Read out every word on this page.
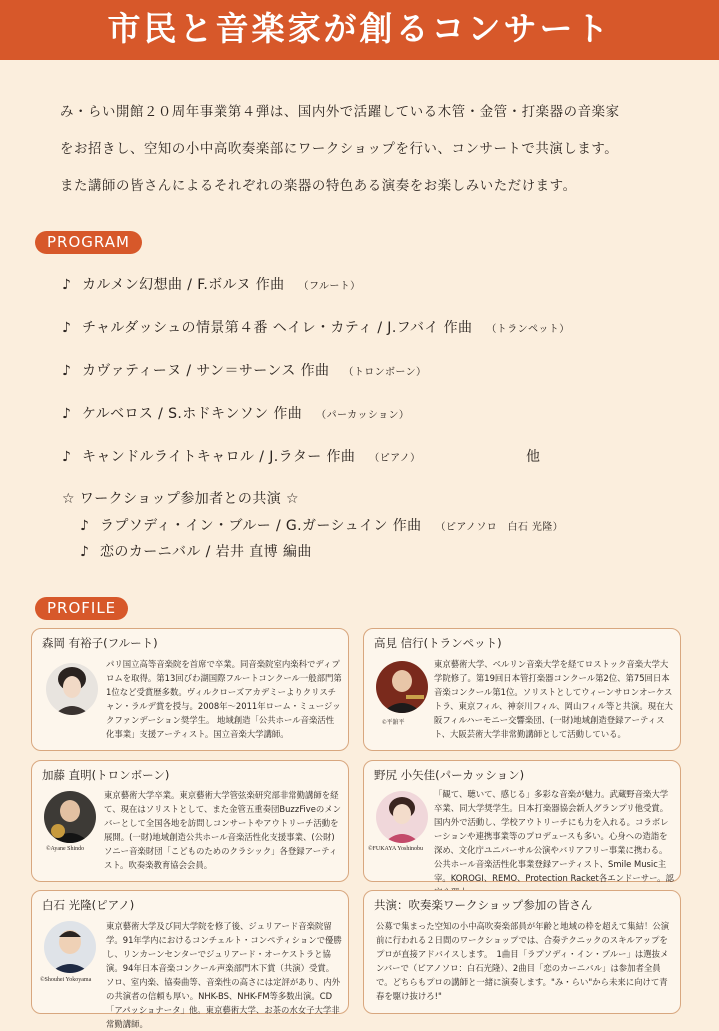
市民と音楽家が創るコンサート

み・らい開館２０周年事業第４弾は、国内外で活躍している木管・金管・打楽器の音楽家

をお招きし、空知の小中高吹奏楽部にワークショップを行い、コンサートで共演します。

また講師の皆さんによるそれぞれの楽器の特色ある演奏をお楽しみいただけます。

PROGRAM
♪ カルメン幻想曲 / F.ボルヌ 作曲 （フルート）
♪ チャルダッシュの情景第４番 ヘイレ・カティ / J.フバイ 作曲 （トランペット）
♪ カヴァティーヌ / サン＝サーンス 作曲 （トロンボーン）
♪ ケルベロス / S.ホドキンソン 作曲 （パーカッション）
♪ キャンドルライトキャロル / J.ラター 作曲 （ピアノ）	他
☆ ワークショップ参加者との共演 ☆
♪ ラプソディ・イン・ブルー / G.ガーシュイン 作曲 （ピアノソロ　白石 光隆）
♪ 恋のカーニバル / 岩井 直博 編曲
PROFILE
森岡 有裕子(フルート)
パリ国立高等音楽院を首席で卒業。同音楽院室内楽科でディプロムを取得。第13回びわ湖国際フルートコンクール一般部門第1位など受賞歴多数。ヴィルクローズアカデミーよりクリスチャン・ラルデ賞を授与。2008年～2011年ローム・ミュージックファンデーション奨学生。 地域創造「公共ホール音楽活性化事業」支援アーティスト。国立音楽大学講師。
高見 信行(トランペット)
©平舘平
東京藝術大学、ベルリン音楽大学を経てロストック音楽大学大学院修了。第19回日本管打楽器コンクール第2位、第75回日本音楽コンクール第1位。ソリストとしてウィーンサロンオーケストラ、東京フィル、神奈川フィル、岡山フィル等と共演。現在大阪フィルハーモニー交響楽団、(一財)地域創造登録アーティスト、大阪芸術大学非常勤講師として活動している。
加藤 直明(トロンボーン)
©Ayane Shindo
東京藝術大学卒業。東京藝術大学管弦楽研究部非常勤講師を経て、現在はソリストとして、また金管五重奏団BuzzFiveのメンバーとして全国各地を訪問しコンサートやアウトリーチ活動を展開。(一財)地域創造公共ホール音楽活性化支援事業、(公財)ソニー音楽財団「こどものためのクラシック」各登録アーティスト。吹奏楽教育協会会員。
野尻 小矢佳(パーカッション)
©FUKAYA Yoshinobu
「観て、聴いて、感じる」多彩な音楽が魅力。武蔵野音楽大学卒業、同大学奨学生。日本打楽器協会新人グランプリ他受賞。国内外で活動し、学校アウトリーチにも力を入れる。コラボレーションや連携事業等のプロデュースも多い。心身への造詣を深め、文化庁ユニバーサル公演やバリアフリー事業に携わる。公共ホール音楽活性化事業登録アーティスト、Smile Music主宰。KOROGI、REMO、Protection Racket各エンドーサー。認
白石 光隆(ピアノ)
©Shouhei Yokoyama
東京藝術大学及び同大学院を修了後、ジュリアード音楽院留学。91年学内におけるコンチェルト・コンペティションで優勝し、リンカーンセンターでジュリアード・オーケストラと協演。94年日本音楽コンクール声楽部門木下賞（共演）受賞。ソロ、室内楽、協奏曲等、音楽性の高さには定評があり、内外の共演者の信頼も厚い。NHK-BS、NHK-FM等多数出演。CD「アパッショナータ」他。東京藝術大学、お茶の水女子大学非常勤講師。
共演：吹奏楽ワークショップ参加の皆さん
公募で集まった空知の小中高吹奏楽部員が年齢と地域の枠を超えて集結！公演前に行われる２日間のワークショップでは、合奏テクニックのスキルアップをプロが直接アドバイスします。　1曲目「ラプソディ・イン・ブルー」は選抜メンバーで（ピアノソロ：白石光隆）、2曲目「恋のカーニバル」は参加者全員で。どちらもプロの講師と一緒に演奏します。"み・らい"から未来に向けて青春を駆け抜けろ!"
